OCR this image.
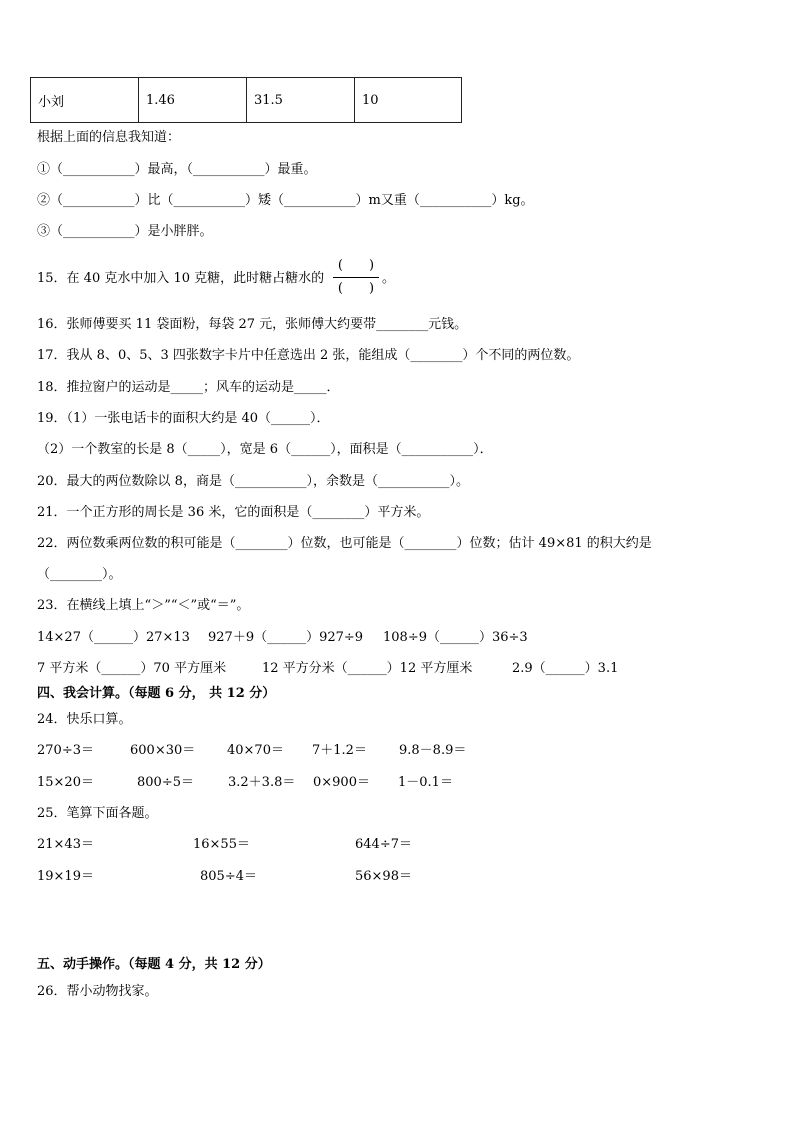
小刘	1.46	31.5	10
根据上面的信息我知道：
①（___________）最高，（___________）最重。
②（___________）比（___________）矮（___________）m又重（___________）kg。
③（___________）是小胖胖。
15．在 40 克水中加入 10 克糖，此时糖占糖水的
(　　)
(　　)
。
16．张师傅要买 11 袋面粉，每袋 27 元，张师傅大约要带________元钱。
17．我从 8、0、5、3 四张数字卡片中任意选出 2 张，能组成（________）个不同的两位数。
18．推拉窗户的运动是_____；风车的运动是_____．
19．（1）一张电话卡的面积大约是 40（______）．
（2）一个教室的长是 8（_____），宽是 6（______），面积是（___________）．
20．最大的两位数除以 8，商是（___________），余数是（___________）。
21．一个正方形的周长是 36 米，它的面积是（________）平方米。
22．两位数乘两位数的积可能是（________）位数，也可能是（________）位数；估计 49×81 的积大约是
（________）。
23．在横线上填上“＞”“＜”或“＝”。
14×27（______）27×13 927＋9（______）927÷9 108÷9（______）36÷3
7 平方米（______）70 平方厘米	12 平方分米（______）12 平方厘米	2.9（______）3.1
四、我会计算。（每题 6 分， 共 12 分）
24．快乐口算。
270÷3＝	600×30＝ 40×70＝ 7＋1.2＝ 9.8－8.9＝
15×20＝	800÷5＝	3.2＋3.8＝ 0×900＝ 1－0.1＝
25．笔算下面各题。
21×43＝	16×55＝	644÷7＝
19×19＝	805÷4＝	56×98＝
五、动手操作。（每题 4 分，共 12 分）
26．帮小动物找家。
